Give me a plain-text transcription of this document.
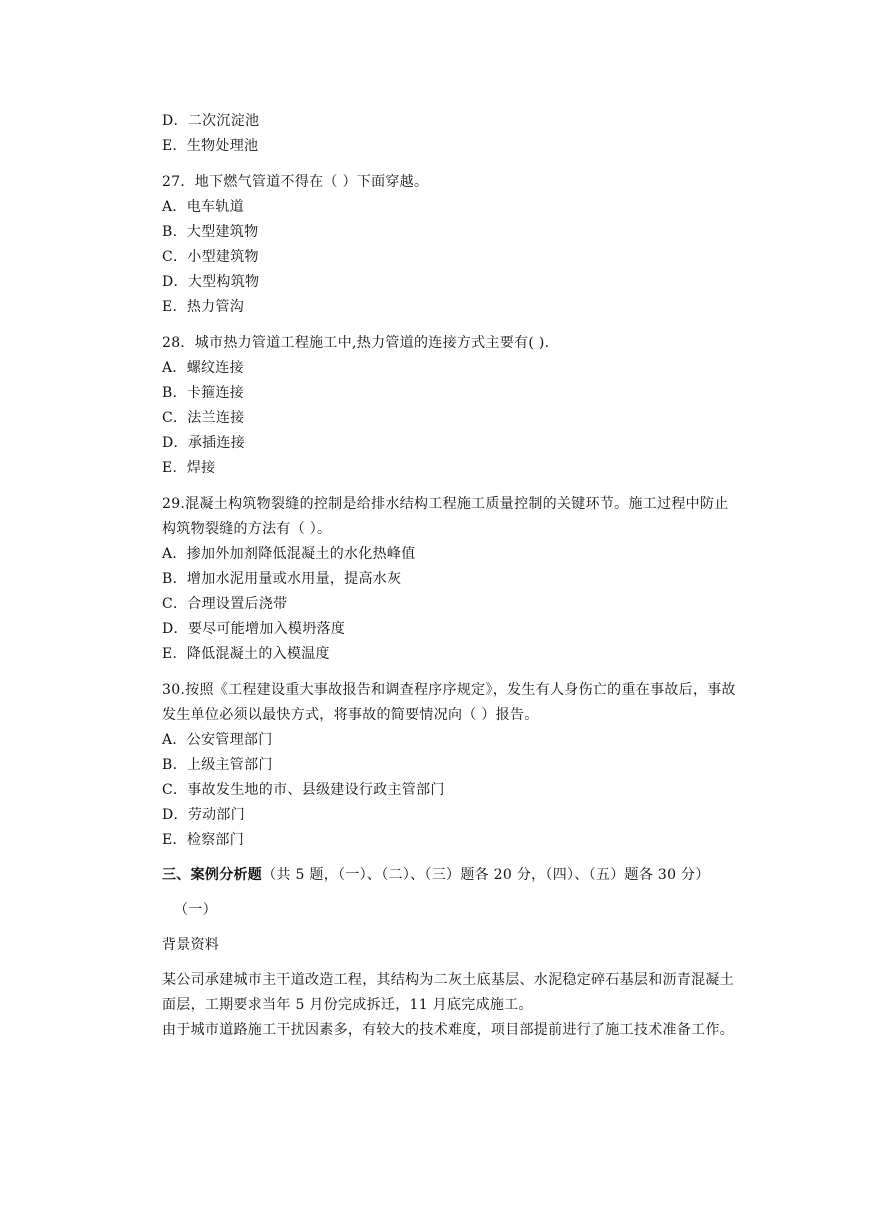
D．二次沉淀池
E．生物处理池
27．地下燃气管道不得在（ ）下面穿越。
A．电车轨道
B．大型建筑物
C．小型建筑物
D．大型构筑物
E．热力管沟
28．城市热力管道工程施工中,热力管道的连接方式主要有( ).
A．螺纹连接
B．卡箍连接
C．法兰连接
D．承插连接
E．焊接
29.混凝土构筑物裂缝的控制是给排水结构工程施工质量控制的关键环节。施工过程中防止构筑物裂缝的方法有（ ）。
A．掺加外加剂降低混凝土的水化热峰值
B．增加水泥用量或水用量，提高水灰
C．合理设置后浇带
D．要尽可能增加入模坍落度
E．降低混凝土的入模温度
30.按照《工程建设重大事故报告和调查程序序规定》，发生有人身伤亡的重在事故后，事故发生单位必须以最快方式，将事故的简要情况向（ ）报告。
A．公安管理部门
B．上级主管部门
C．事故发生地的市、县级建设行政主管部门
D．劳动部门
E．检察部门
三、案例分析题（共 5 题，（一）、（二）、（三）题各 20 分，（四）、（五）题各 30 分）
（一）
背景资料
某公司承建城市主干道改造工程，其结构为二灰土底基层、水泥稳定碎石基层和沥青混凝土面层，工期要求当年 5 月份完成拆迁，11 月底完成施工。
由于城市道路施工干扰因素多，有较大的技术难度，项目部提前进行了施工技术准备工作。
